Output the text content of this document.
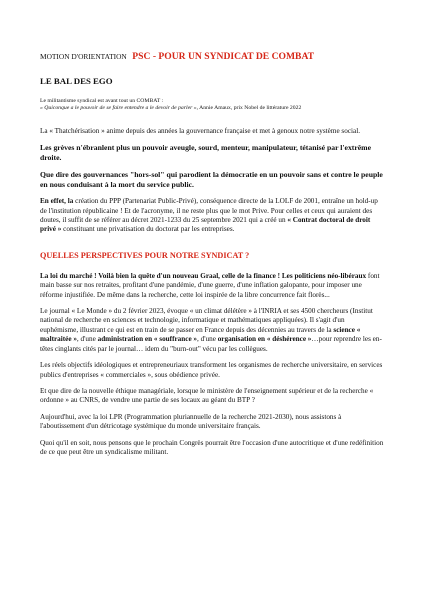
MOTION D'ORIENTATION PSC - POUR UN SYNDICAT DE COMBAT
LE BAL DES EGO
Le militantisme syndical est avant tout un COMBAT :
« Quiconque a le pouvoir de se faire entendre a le devoir de parler », Annie Amaux, prix Nobel de littérature 2022

La « Thatchérisation » anime depuis des années la gouvernance française et met à genoux notre système social.

Les grèves n'ébranlent plus un pouvoir aveugle, sourd, menteur, manipulateur, tétanisé par l'extrême droite.

Que dire des gouvernances "hors-sol" qui parodient la démocratie en un pouvoir sans et contre le peuple en nous conduisant à la mort du service public.

En effet, la création du PPP (Partenariat Public-Privé), conséquence directe de la LOLF de 2001, entraîne un hold-up de l'institution républicaine ! Et de l'acronyme, il ne reste plus que le mot Prive. Pour celles et ceux qui auraient des doutes, il suffit de se référer au décret 2021-1233 du 25 septembre 2021 qui a créé un « Contrat doctoral de droit privé » constituant une privatisation du doctorat par les entreprises.

QUELLES PERSPECTIVES POUR NOTRE SYNDICAT ?

La loi du marché ! Voilà bien la quête d'un nouveau Graal, celle de la finance ! Les politiciens néo-libéraux font main basse sur nos retraites, profitant d'une pandémie, d'une guerre, d'une inflation galopante, pour imposer une réforme injustifiée. De même dans la recherche, cette loi inspirée de la libre concurrence fait florès...

Le journal « Le Monde » du 2 février 2023, évoque « un climat délétère » à l'INRIA et ses 4500 chercheurs (Institut national de recherche en sciences et technologie, informatique et mathématiques appliquées). Il s'agit d'un euphémisme, illustrant ce qui est en train de se passer en France depuis des décennies au travers de la science « maltraitée », d'une administration en « souffrance », d'une organisation en « déshérence »…pour reprendre les en-têtes cinglants cités par le journal… idem du "burn-out" vécu par les collègues.

Les réels objectifs idéologiques et entrepreneuriaux transforment les organismes de recherche universitaire, en services publics d'entreprises « commerciales », sous obédience privée.

Et que dire de la nouvelle éthique managériale, lorsque le ministère de l'enseignement supérieur et de la recherche « ordonne » au CNRS, de vendre une partie de ses locaux au géant du BTP ?

Aujourd'hui, avec la loi LPR (Programmation pluriannuelle de la recherche 2021-2030), nous assistons à l'aboutissement d'un détricotage systémique du monde universitaire français.

Quoi qu'il en soit, nous pensons que le prochain Congrès pourrait être l'occasion d'une autocritique et d'une redéfinition de ce que peut être un syndicalisme militant.
